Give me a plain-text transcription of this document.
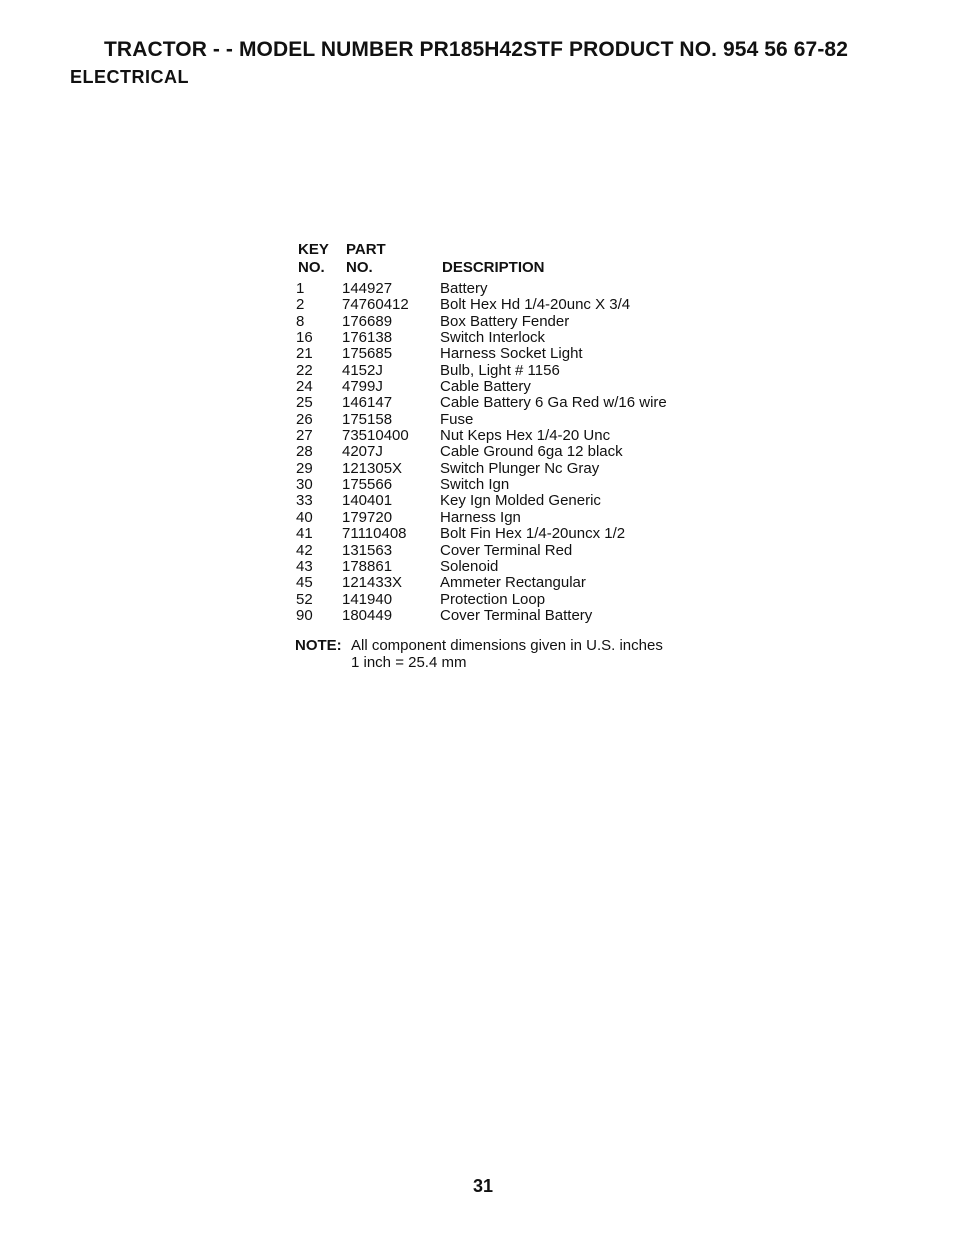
TRACTOR - - MODEL NUMBER PR185H42STF PRODUCT NO. 954 56 67-82
ELECTRICAL
KEY
NO.
PART
NO.	DESCRIPTION
1	144927	Battery
2	74760412 Bolt Hex Hd 1/4-20unc X 3/4
8	176689	Box Battery Fender
16 176138	Switch Interlock
21 175685	Harness Socket Light
22 4152J	Bulb, Light # 1156
24 4799J	Cable Battery
25 146147	Cable Battery 6 Ga Red w/16 wire
26 175158	Fuse
27 73510400 Nut Keps Hex 1/4-20 Unc
28 4207J	Cable Ground 6ga 12 black
29 121305X	Switch Plunger Nc Gray
30 175566	Switch Ign
33 140401	Key Ign Molded Generic
40 179720	Harness Ign
41 71110408 Bolt Fin Hex 1/4-20uncx 1/2
42 131563	Cover Terminal Red
43 178861	Solenoid
45 121433X	Ammeter Rectangular
52 141940	Protection Loop
90 180449	Cover Terminal Battery
NOTE: All component dimensions given in U.S. inches
1 inch = 25.4 mm
31
